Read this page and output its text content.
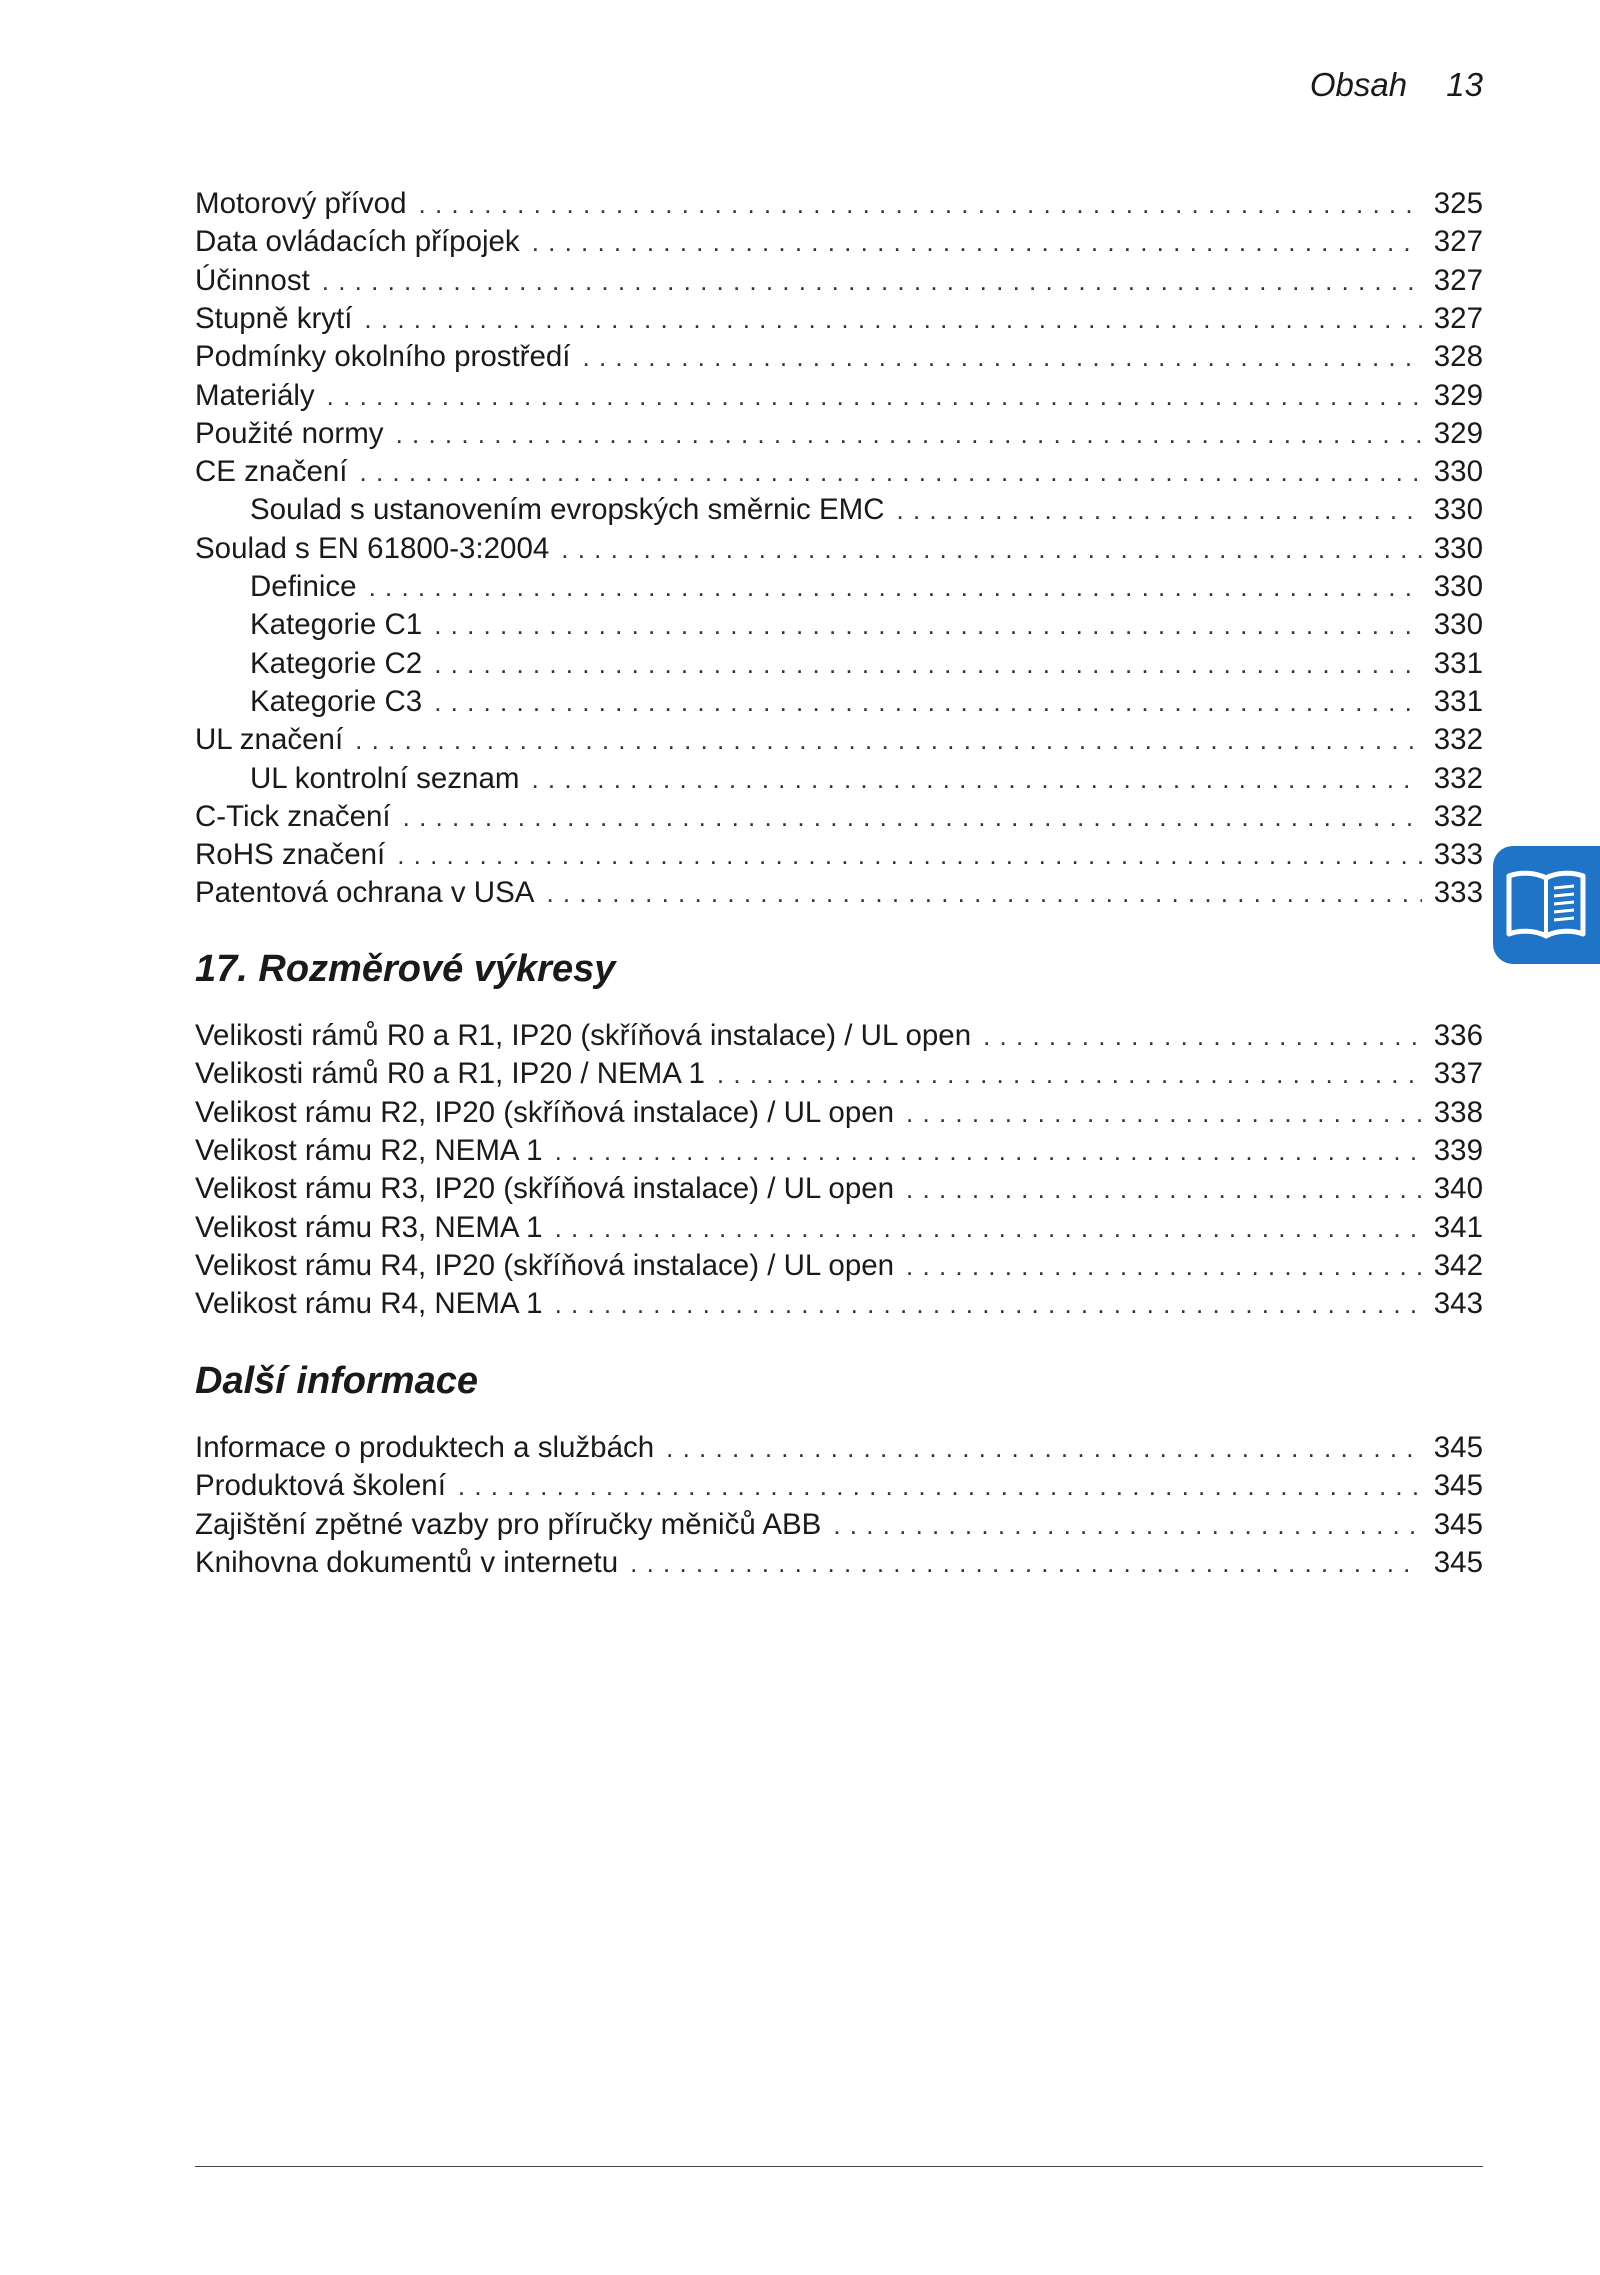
Obsah 13
Motorový přívod . . .	325
Data ovládacích přípojek . . .	327
Účinnost . . .	327
Stupně krytí . . .	327
Podmínky okolního prostředí . . .	328
Materiály . . .	329
Použité normy . . .	329
CE značení . . .	330
Soulad s ustanovením evropských směrnic EMC . . .	330
Soulad s EN 61800-3:2004 . . .	330
Definice . . .	330
Kategorie C1 . . .	330
Kategorie C2 . . .	331
Kategorie C3 . . .	331
UL značení . . .	332
UL kontrolní seznam . . .	332
C-Tick značení . . .	332
RoHS značení . . .	333
Patentová ochrana v USA . . .	333
17. Rozměrové výkresy
Velikosti rámů R0 a R1, IP20 (skříňová instalace) / UL open . . .	336
Velikosti rámů R0 a R1, IP20 / NEMA 1 . . .	337
Velikost rámu R2, IP20 (skříňová instalace) / UL open . . .	338
Velikost rámu R2, NEMA 1 . . .	339
Velikost rámu R3, IP20 (skříňová instalace) / UL open . . .	340
Velikost rámu R3, NEMA 1 . . .	341
Velikost rámu R4, IP20 (skříňová instalace) / UL open . . .	342
Velikost rámu R4, NEMA 1 . . .	343
Další informace
Informace o produktech a službách . . .	345
Produktová školení . . .	345
Zajištění zpětné vazby pro příručky měničů ABB . . .	345
Knihovna dokumentů v internetu . . .	345
